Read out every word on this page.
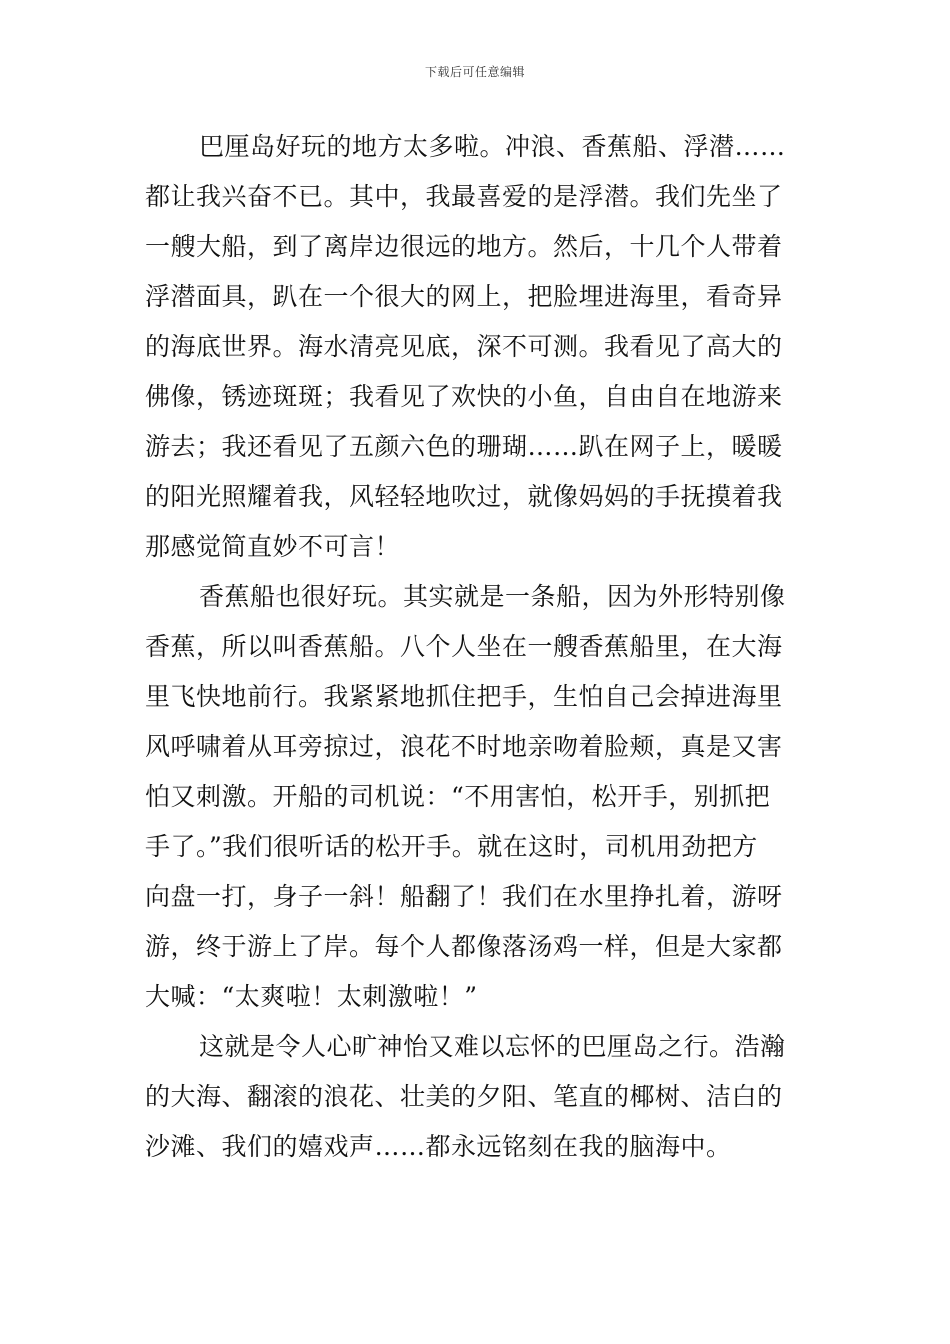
下载后可任意编辑
巴厘岛好玩的地方太多啦。冲浪、香蕉船、浮潜……
都让我兴奋不已。其中，我最喜爱的是浮潜。我们先坐了
一艘大船，到了离岸边很远的地方。然后，十几个人带着
浮潜面具，趴在一个很大的网上，把脸埋进海里，看奇异
的海底世界。海水清亮见底，深不可测。我看见了高大的
佛像，锈迹斑斑；我看见了欢快的小鱼，自由自在地游来
游去；我还看见了五颜六色的珊瑚……趴在网子上，暖暖
的阳光照耀着我，风轻轻地吹过，就像妈妈的手抚摸着我
那感觉简直妙不可言！
香蕉船也很好玩。其实就是一条船，因为外形特别像
香蕉，所以叫香蕉船。八个人坐在一艘香蕉船里，在大海
里飞快地前行。我紧紧地抓住把手，生怕自己会掉进海里
风呼啸着从耳旁掠过，浪花不时地亲吻着脸颊，真是又害
怕又刺激。开船的司机说：“不用害怕，松开手，别抓把
手了。”我们很听话的松开手。就在这时，司机用劲把方
向盘一打，身子一斜！船翻了！我们在水里挣扎着，游呀
游，终于游上了岸。每个人都像落汤鸡一样，但是大家都
大喊：“太爽啦！太刺激啦！”
这就是令人心旷神怡又难以忘怀的巴厘岛之行。浩瀚
的大海、翻滚的浪花、壮美的夕阳、笔直的椰树、洁白的
沙滩、我们的嬉戏声……都永远铭刻在我的脑海中。
